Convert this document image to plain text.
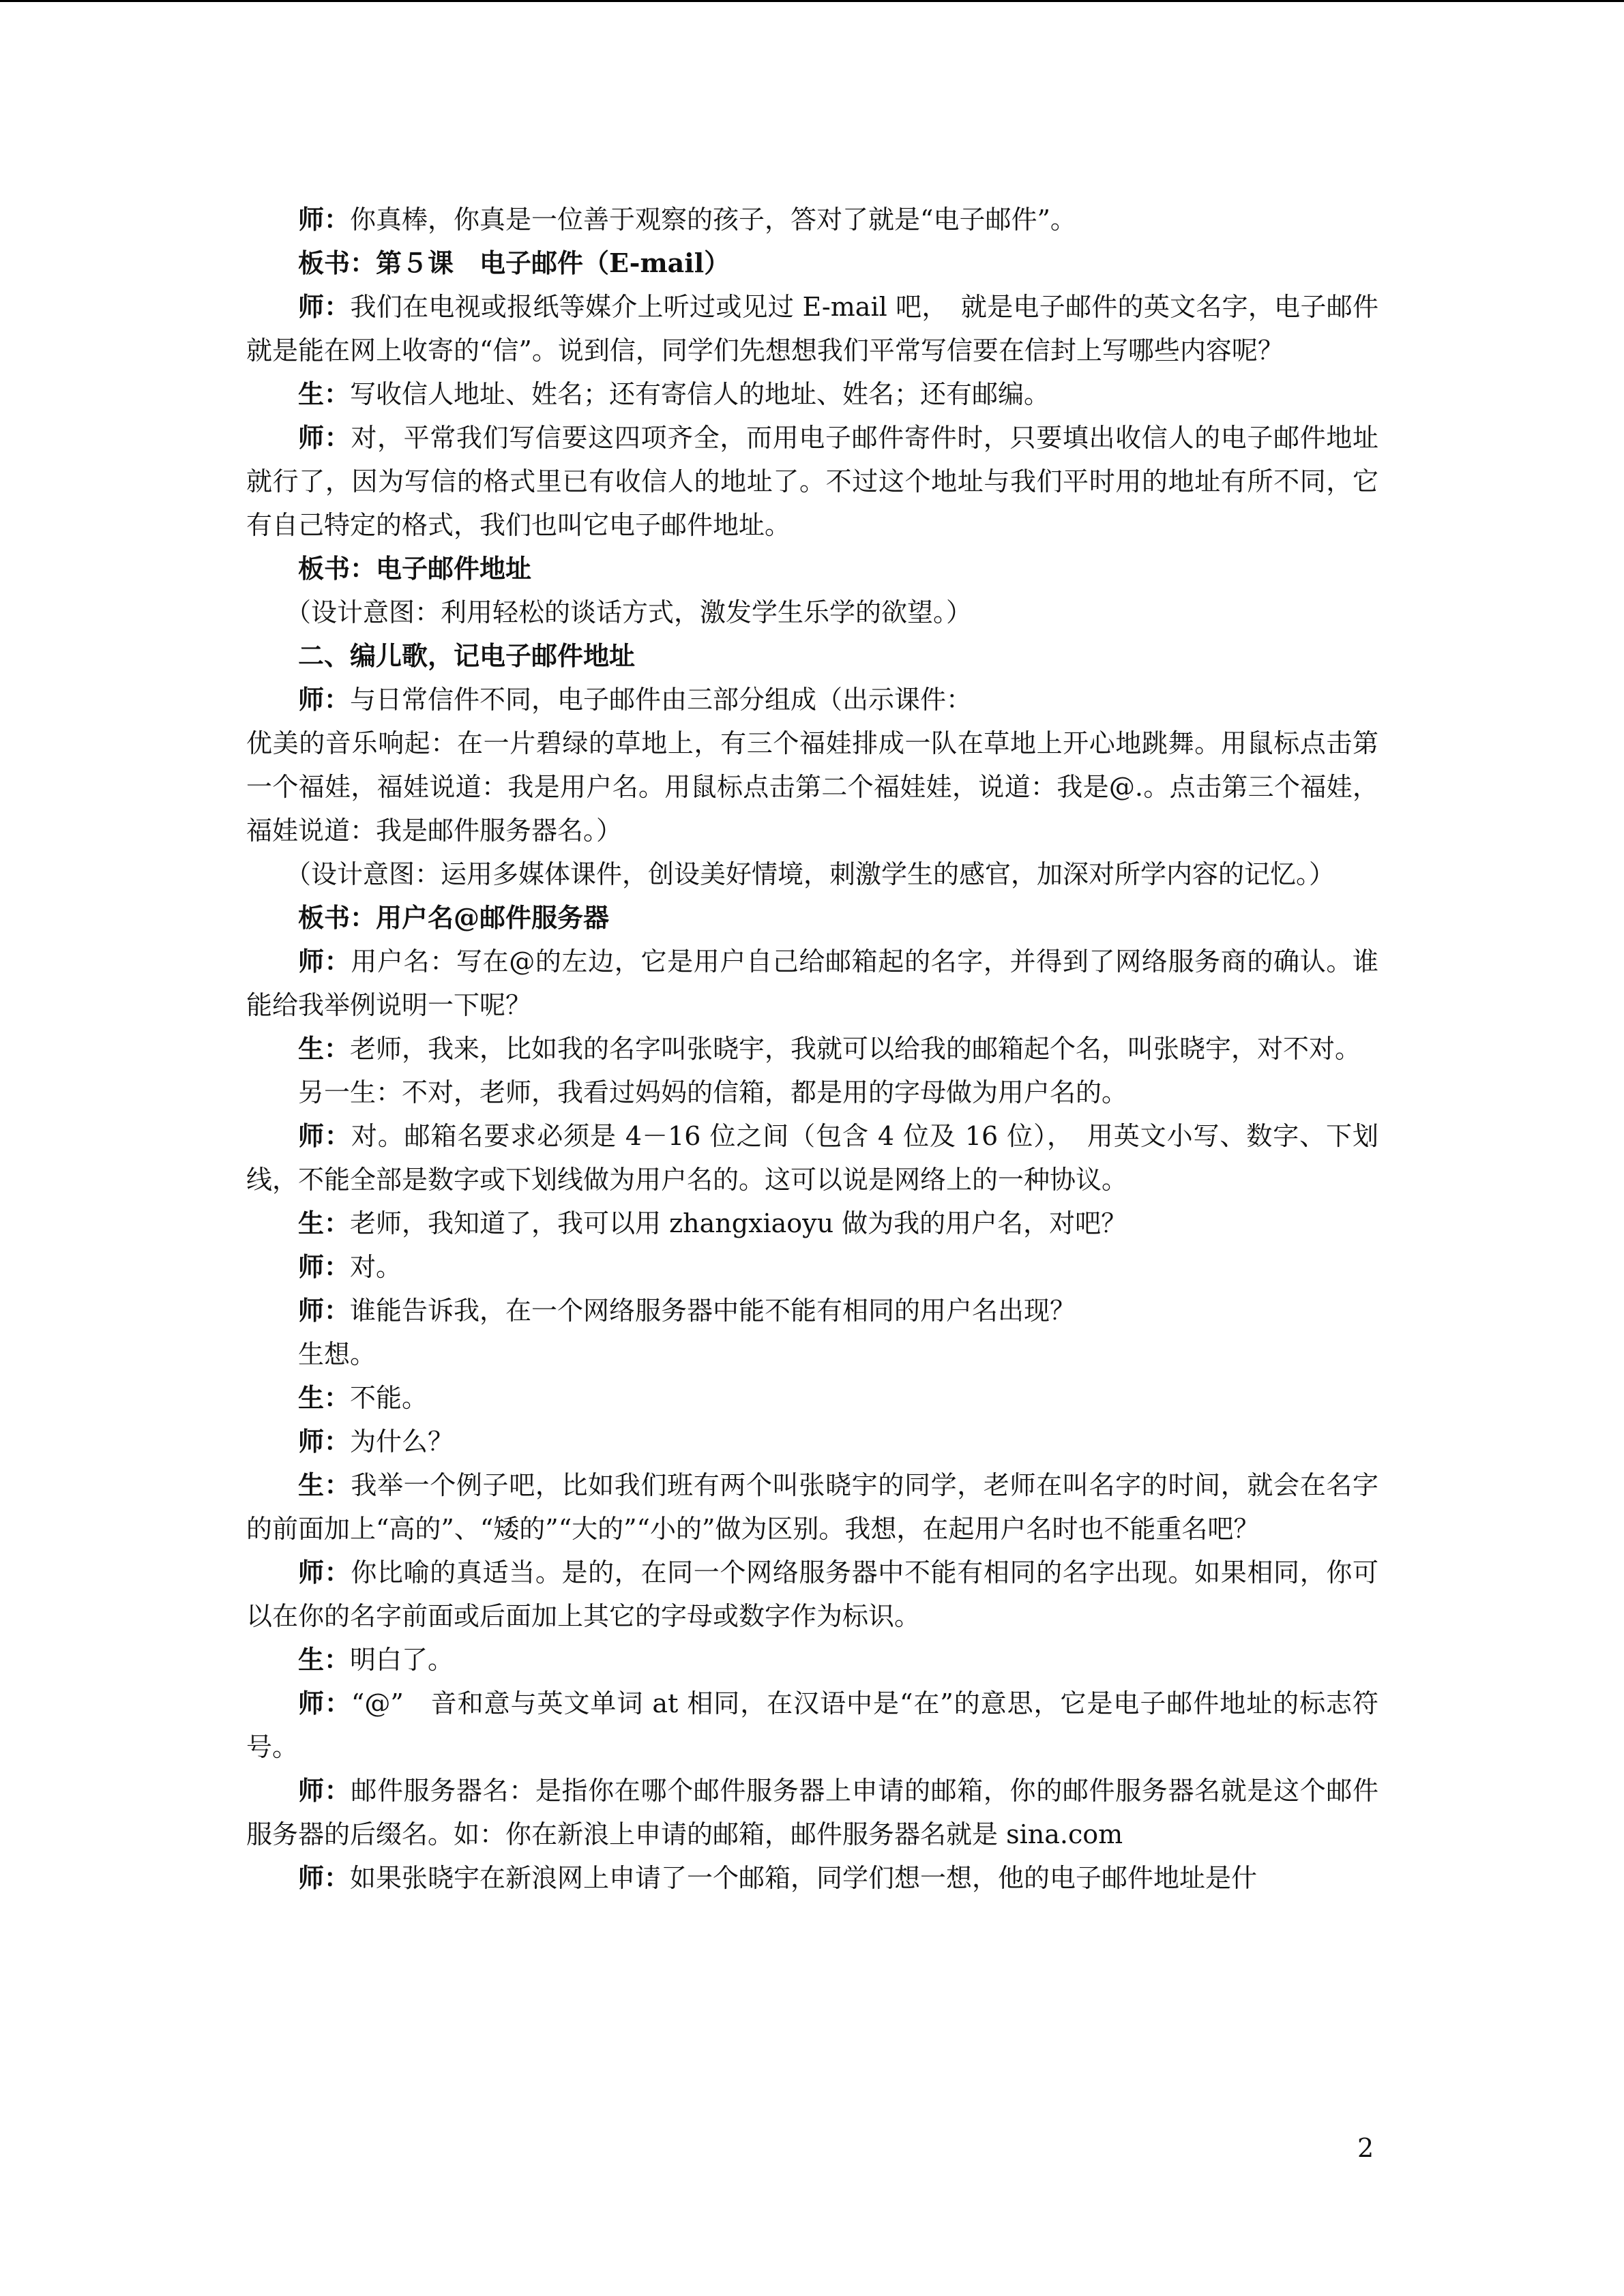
师：你真棒，你真是一位善于观察的孩子，答对了就是“电子邮件”。

板书：第５课　电子邮件（E-mail）

师：我们在电视或报纸等媒介上听过或见过 E-mail 吧，　就是电子邮件的英文名字，电子邮件就是能在网上收寄的“信”。说到信，同学们先想想我们平常写信要在信封上写哪些内容呢？

生：写收信人地址、姓名；还有寄信人的地址、姓名；还有邮编。

师：对，平常我们写信要这四项齐全，而用电子邮件寄件时，只要填出收信人的电子邮件地址就行了，因为写信的格式里已有收信人的地址了。不过这个地址与我们平时用的地址有所不同，它有自己特定的格式，我们也叫它电子邮件地址。

板书：电子邮件地址

（设计意图：利用轻松的谈话方式，激发学生乐学的欲望。）

二、编儿歌，记电子邮件地址

师：与日常信件不同，电子邮件由三部分组成（出示课件：

优美的音乐响起：在一片碧绿的草地上，有三个福娃排成一队在草地上开心地跳舞。用鼠标点击第一个福娃，福娃说道：我是用户名。用鼠标点击第二个福娃娃，说道：我是@.。点击第三个福娃，福娃说道：我是邮件服务器名。）

（设计意图：运用多媒体课件，创设美好情境，刺激学生的感官，加深对所学内容的记忆。）

板书：用户名@邮件服务器

师：用户名：写在@的左边，它是用户自己给邮箱起的名字，并得到了网络服务商的确认。谁能给我举例说明一下呢？

生：老师，我来，比如我的名字叫张晓宇，我就可以给我的邮箱起个名，叫张晓宇，对不对。

另一生：不对，老师，我看过妈妈的信箱，都是用的字母做为用户名的。

师：对。邮箱名要求必须是 4－16 位之间（包含 4 位及 16 位），　用英文小写、数字、下划线，不能全部是数字或下划线做为用户名的。这可以说是网络上的一种协议。

生：老师，我知道了，我可以用 zhangxiaoyu 做为我的用户名，对吧？

师：对。

师：谁能告诉我，在一个网络服务器中能不能有相同的用户名出现？

生想。

生：不能。

师：为什么？

生：我举一个例子吧，比如我们班有两个叫张晓宇的同学，老师在叫名字的时间，就会在名字的前面加上“高的”、“矮的”“大的”“小的”做为区别。我想，在起用户名时也不能重名吧？

师：你比喻的真适当。是的，在同一个网络服务器中不能有相同的名字出现。如果相同，你可以在你的名字前面或后面加上其它的字母或数字作为标识。

生：明白了。

师：“@”　音和意与英文单词 at 相同，在汉语中是“在”的意思，它是电子邮件地址的标志符号。

师：邮件服务器名：是指你在哪个邮件服务器上申请的邮箱，你的邮件服务器名就是这个邮件服务器的后缀名。如：你在新浪上申请的邮箱，邮件服务器名就是 sina.com

师：如果张晓宇在新浪网上申请了一个邮箱，同学们想一想，他的电子邮件地址是什

2
